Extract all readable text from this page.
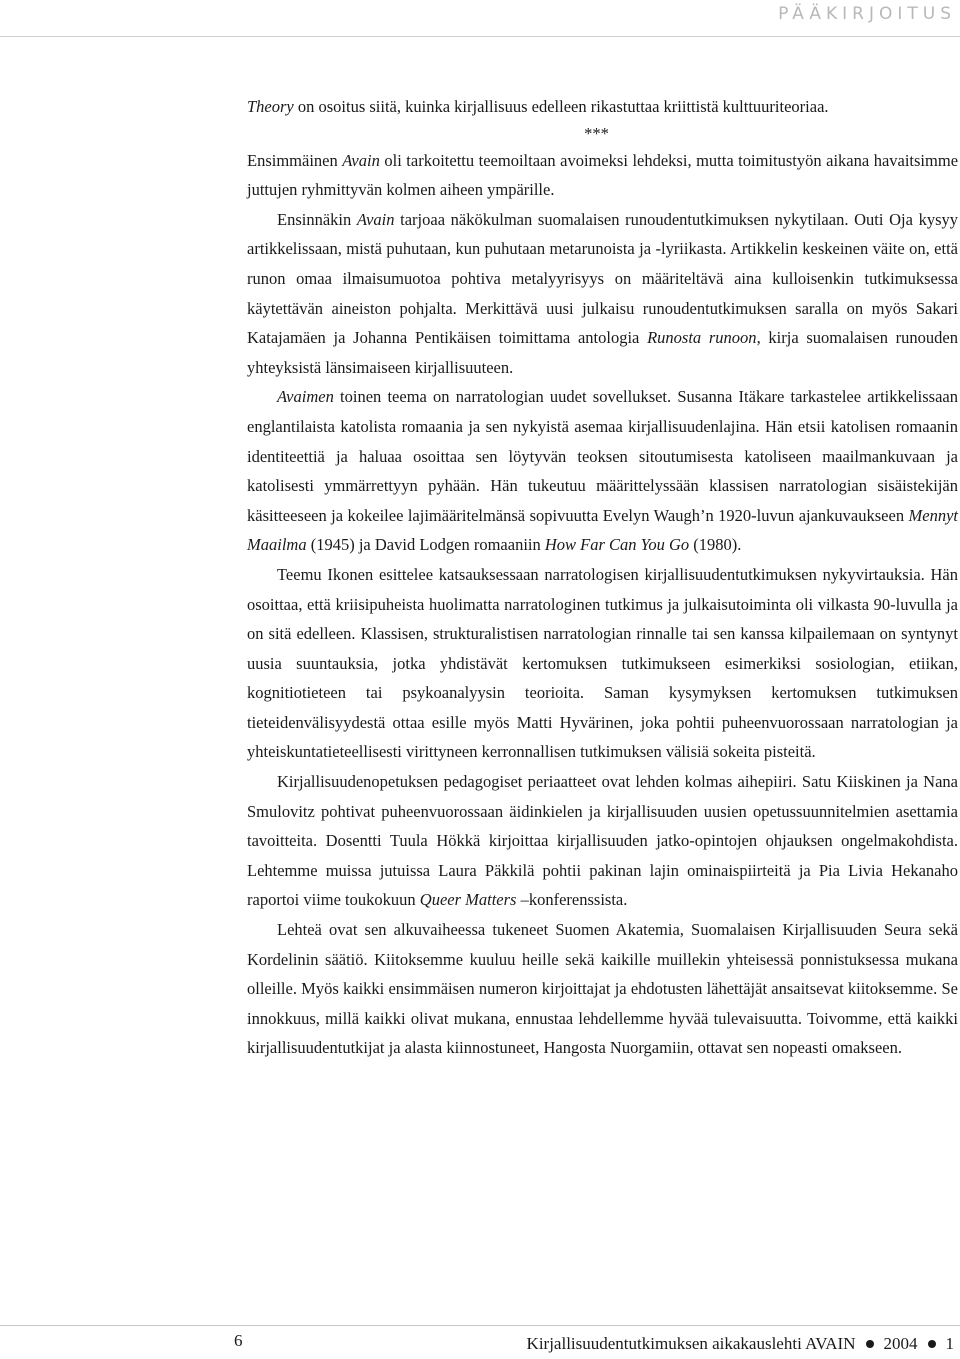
PÄÄKIRJOITUS

Theory on osoitus siitä, kuinka kirjallisuus edelleen rikastuttaa kriittistä kulttuuriteoriaa.

***

Ensimmäinen Avain oli tarkoitettu teemoiltaan avoimeksi lehdeksi, mutta toimitustyön aikana havaitsimme juttujen ryhmittyvän kolmen aiheen ympärille.

Ensinnäkin Avain tarjoaa näkökulman suomalaisen runoudentutkimuksen nykytilaan. Outi Oja kysyy artikkelissaan, mistä puhutaan, kun puhutaan metarunoista ja -lyriikasta. Artikkelin keskeinen väite on, että runon omaa ilmaisumuotoa pohtiva metalyyrisyys on määriteltävä aina kulloisenkin tutkimuksessa käytettävän aineiston pohjalta. Merkittävä uusi julkaisu runoudentutkimuksen saralla on myös Sakari Katajamäen ja Johanna Pentikäisen toimittama antologia Runosta runoon, kirja suomalaisen runouden yhteyksistä länsimaiseen kirjallisuuteen.

Avaimen toinen teema on narratologian uudet sovellukset. Susanna Itäkare tarkastelee artikkelissaan englantilaista katolista romaania ja sen nykyistä asemaa kirjallisuudenlajina. Hän etsii katolisen romaanin identiteettiä ja haluaa osoittaa sen löytyvän teoksen sitoutumisesta katoliseen maailmankuvaan ja katolisesti ymmärrettyyn pyhään. Hän tukeutuu määrittelyssään klassisen narratologian sisäistekijän käsitteeseen ja kokeilee lajimääritelmänsä sopivuutta Evelyn Waugh’n 1920-luvun ajankuvaukseen Mennyt Maailma (1945) ja David Lodgen romaaniin How Far Can You Go (1980).

Teemu Ikonen esittelee katsauksessaan narratologisen kirjallisuudentutkimuksen nykyvirtauksia. Hän osoittaa, että kriisipuheista huolimatta narratologinen tutkimus ja julkaisutoiminta oli vilkasta 90-luvulla ja on sitä edelleen. Klassisen, strukturalistisen narratologian rinnalle tai sen kanssa kilpailemaan on syntynyt uusia suuntauksia, jotka yhdistävät kertomuksen tutkimukseen esimerkiksi sosiologian, etiikan, kognitiotieteen tai psykoanalyysin teorioita. Saman kysymyksen kertomuksen tutkimuksen tieteidenvälisyydestä ottaa esille myös Matti Hyvärinen, joka pohtii puheenvuorossaan narratologian ja yhteiskuntatieteellisesti virittyneen kerronnallisen tutkimuksen välisiä sokeita pisteitä.

Kirjallisuudenopetuksen pedagogiset periaatteet ovat lehden kolmas aihepiiri. Satu Kiiskinen ja Nana Smulovitz pohtivat puheenvuorossaan äidinkielen ja kirjallisuuden uusien opetussuunnitelmien asettamia tavoitteita. Dosentti Tuula Hökkä kirjoittaa kirjallisuuden jatko-opintojen ohjauksen ongelmakohdista. Lehtemme muissa jutuissa Laura Päkkilä pohtii pakinan lajin ominaispiirteitä ja Pia Livia Hekanaho raportoi viime toukokuun Queer Matters –konferenssista.

Lehteä ovat sen alkuvaiheessa tukeneet Suomen Akatemia, Suomalaisen Kirjallisuuden Seura sekä Kordelinin säätiö. Kiitoksemme kuuluu heille sekä kaikille muillekin yhteisessä ponnistuksessa mukana olleille. Myös kaikki ensimmäisen numeron kirjoittajat ja ehdotusten lähettäjät ansaitsevat kiitoksemme. Se innokkuus, millä kaikki olivat mukana, ennustaa lehdellemme hyvää tulevaisuutta. Toivomme, että kaikki kirjallisuudentutkijat ja alasta kiinnostuneet, Hangosta Nuorgamiin, ottavat sen nopeasti omakseen.

6	Kirjallisuudentutkimuksen aikakauslehti AVAIN 2004 1
